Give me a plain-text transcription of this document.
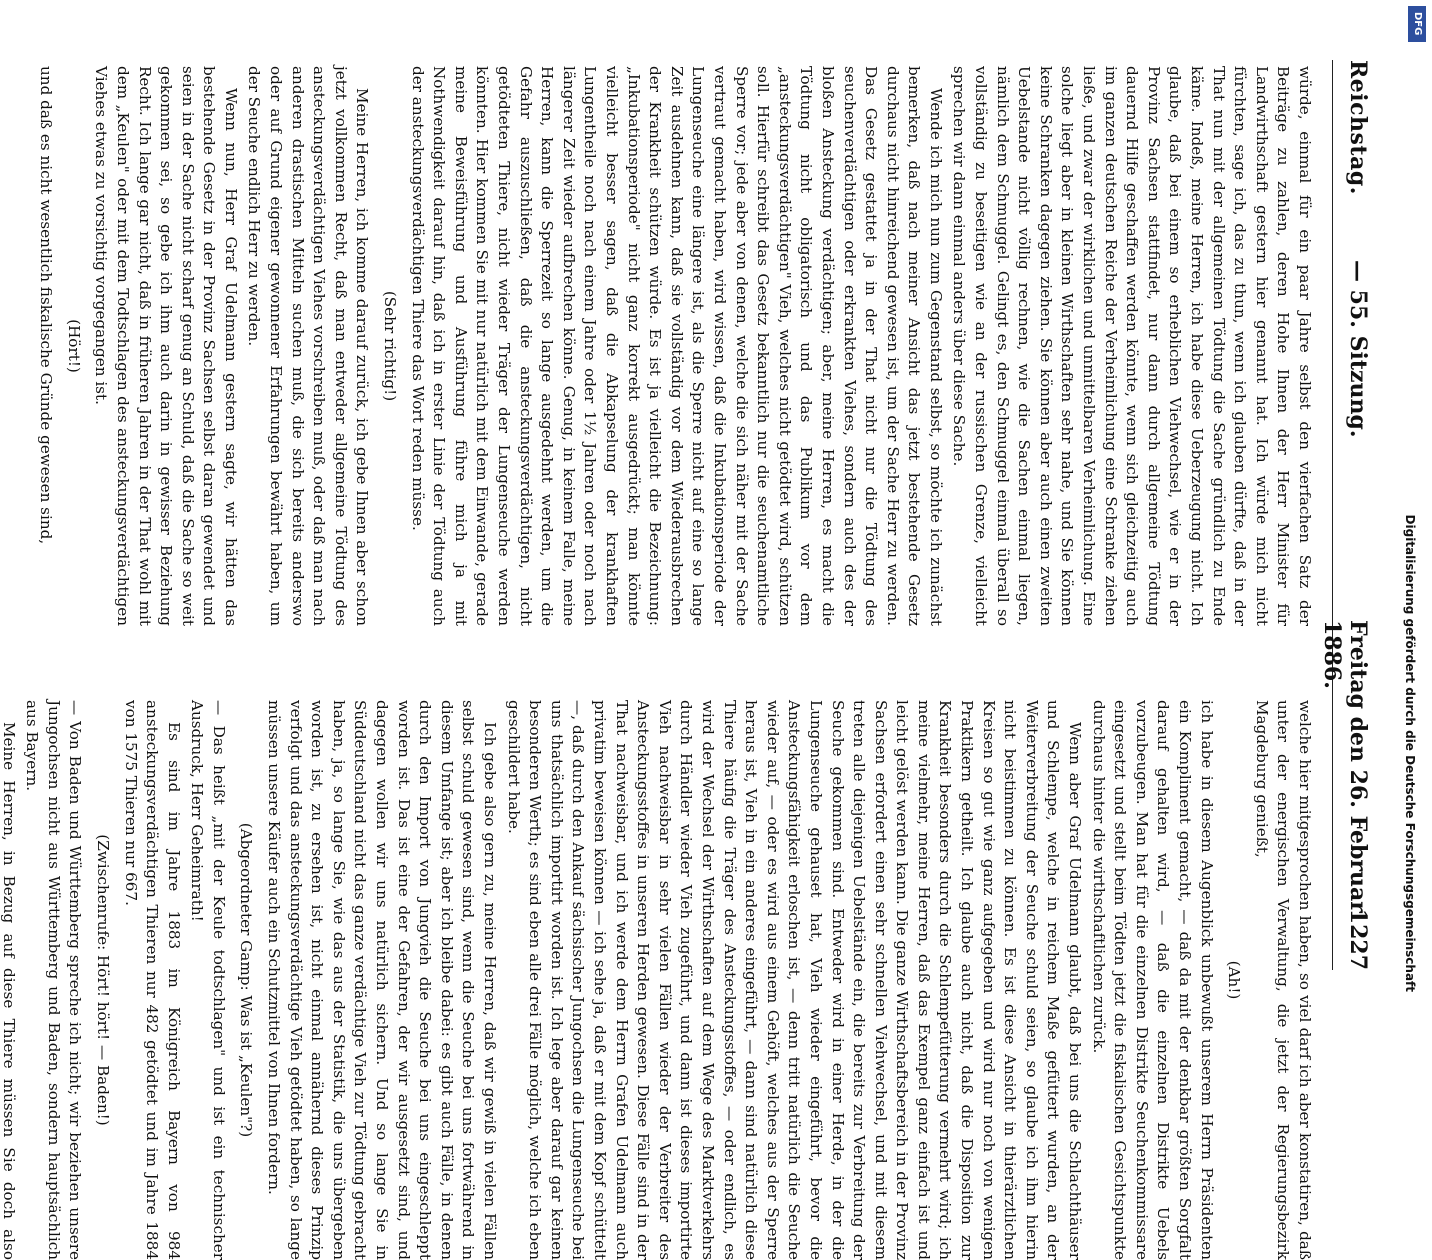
Reichstag.
— 55. Sitzung.
Freitag den 26. Februar 1886.
1227

würde, einmal für ein paar Jahre selbst den vierfachen Satz der Beiträge zu zahlen, deren Hohe Ihnen der Herr Minister für Landwirthschaft gestern hier genannt hat. Ich würde mich nicht fürchten, sage ich, das zu thun, wenn ich glauben dürfte, daß in der That nun mit der allgemeinen Tödtung die Sache gründlich zu Ende käme. Indeß, meine Herren, ich habe diese Ueberzeugung nicht. Ich glaube, daß bei einem so erheblichen Viehwechsel, wie er in der Provinz Sachsen stattfindet, nur dann durch allgemeine Tödtung dauernd Hilfe geschaffen werden könnte, wenn sich gleichzeitig auch im ganzen deutschen Reiche der Verheimlichung eine Schranke ziehen ließe, und zwar der wirklichen und unmittelbaren Verheimlichung. Eine solche liegt aber in kleinen Wirthschaften sehr nahe, und Sie können keine Schranken dagegen ziehen. Sie können aber auch einen zweiten Uebelstande nicht völlig rechnen, wie die Sachen einmal liegen, nämlich dem Schmuggel. Gelingt es, den Schmuggel einmal überall so vollständig zu beseitigen wie an der russischen Grenze, vielleicht sprechen wir dann einmal anders über diese Sache.

Wende ich mich nun zum Gegenstand selbst, so möchte ich zunächst bemerken, daß nach meiner Ansicht das jetzt bestehende Gesetz durchaus nicht hinreichend gewesen ist, um der Sache Herr zu werden. Das Gesetz gestattet ja in der That nicht nur die Tödtung des seuchenverdächtigen oder erkrankten Viehes, sondern auch des der bloßen Ansteckung verdächtigen; aber, meine Herren, es macht die Tödtung nicht obligatorisch und das Publikum vor dem „ansteckungsverdächtigen" Vieh, welches nicht getödtet wird, schützen soll. Hierfür schreibt das Gesetz bekanntlich nur die seuchenamtliche Sperre vor; jede aber von denen, welche die sich näher mit der Sache vertraut gemacht haben, wird wissen, daß die Inkubationsperiode der Lungenseuche eine längere ist, als die Sperre nicht auf eine so lange Zeit ausdehnen kann, daß sie vollständig vor dem Wiederausbrechen der Krankheit schützen würde. Es ist ja vielleicht die Bezeichnung: „Inkubationsperiode" nicht ganz korrekt ausgedrückt; man könnte vielleicht besser sagen, daß die Abkapselung der krankhaften Lungentheile noch nach einem Jahre oder 1½ Jahren oder noch nach längerer Zeit wieder aufbrechen könne. Genug, in keinem Falle, meine Herren, kann die Sperrezeit so lange ausgedehnt werden, um die Gefahr auszuschließen, daß die ansteckungsverdächtigen, nicht getödteten Thiere, nicht wieder Träger der Lungenseuche werden könnten. Hier kommen Sie mit nur natürlich mit dem Einwande, gerade meine Beweisführung und Ausführung führe mich ja mit Nothwendigkeit darauf hin, daß ich in erster Linie der Tödtung auch der ansteckungsverdächtigen Thiere das Wort reden müsse.

(Sehr richtig!)

Meine Herren, ich komme darauf zurück, ich gebe Ihnen aber schon jetzt vollkommen Recht, daß man entweder allgemeine Tödtung des ansteckungsverdächtigen Viehes vorschreiben muß, oder daß man nach anderen drastischen Mitteln suchen muß, die sich bereits anderswo oder auf Grund eigener gewonnener Erfahrungen bewährt haben, um der Seuche endlich Herr zu werden.

Wenn nun, Herr Graf Udelmann gestern sagte, wir hätten das bestehende Gesetz in der Provinz Sachsen selbst daran gewendet und seien in der Sache nicht scharf genug an Schuld, daß die Sache so weit gekommen sei, so gebe ich ihm auch darin in gewisser Beziehung Recht. Ich lange gar nicht, daß in früheren Jahren in der That wohl mit dem „Keulen" oder mit dem Todtschlagen des ansteckungsverdächtigen Viehes etwas zu vorsichtig vorgegangen ist.

(Hört!)

und daß es nicht wesentlich fiskalische Gründe gewesen sind,

welche hier mitgesprochen haben, so viel darf ich aber konstatiren, daß unter der energischen Verwaltung, die jetzt der Regierungsbezirk Magdeburg genießt,

(Ah!)

ich habe in diesem Augenblick unbewußt unserem Herrn Präsidenten ein Kompliment gemacht, — daß da mit der denkbar größten Sorgfalt darauf gehalten wird, — daß die einzelnen Distrikte Uebels vorzubeugen. Man hat für die einzelnen Distrikte Seuchenkommissare eingesetzt und stellt beim Tödten jetzt die fiskalischen Gesichtspunkte durchaus hinter die wirthschaftlichen zurück.

Wenn aber Graf Udelmann glaubt, daß bei uns die Schlachthäuser und Schlempe, welche in reichem Maße gefüttert wurden, an der Weiterverbreitung der Seuche schuld seien, so glaube ich ihm hierin nicht beistimmen zu können. Es ist diese Ansicht in thierärztlichen Kreisen so gut wie ganz aufgegeben und wird nur noch von wenigen Praktikern getheilt. Ich glaube auch nicht, daß die Disposition zur Krankheit besonders durch die Schlempefütterung vermehrt wird; ich meine vielmehr, meine Herren, daß das Exempel ganz einfach ist und leicht gelöst werden kann. Die ganze Wirthschaftsbereich in der Provinz Sachsen erfordert einen sehr schnellen Viehwechsel, und mit diesem treten alle diejenigen Uebelstände ein, die bereits zur Verbreitung der Seuche gekommen sind. Entweder wird in einer Herde, in der die Lungenseuche gehauset hat, Vieh wieder eingeführt, bevor die Ansteckungsfähigkeit erloschen ist, — denn tritt natürlich die Seuche wieder auf, — oder es wird aus einem Gehöft, welches aus der Sperre heraus ist, Vieh in ein anderes eingeführt, — dann sind natürlich diese Thiere häufig die Träger des Ansteckungsstoffes, — oder endlich, es wird der Wechsel der Wirthschaften auf dem Wege des Marktverkehrs durch Händler wieder Vieh zugeführt, und dann ist dieses importirte Vieh nachweisbar in sehr vielen Fällen wieder der Verbreiter des Ansteckungsstoffes in unseren Herden gewesen. Diese Fälle sind in der That nachweisbar, und ich werde dem Herrn Grafen Udelmann auch privatim beweisen können — ich sehe ja, daß er mit dem Kopf schüttelt —, daß durch den Ankauf sächsischer Jungochsen die Lungenseuche bei uns thatsächlich importirt worden ist. Ich lege aber darauf gar keinen besonderen Werth; es sind eben alle drei Fälle möglich, welche ich eben geschildert habe.

Ich gebe also gern zu, meine Herren, daß wir gewiß in vielen Fällen selbst schuld gewesen sind, wenn die Seuche bei uns fortwährend in diesem Umfange ist; aber ich bleibe dabei: es gibt auch Fälle, in denen durch den Import von Jungvieh die Seuche bei uns eingeschleppt worden ist. Das ist eine der Gefahren, der wir ausgesetzt sind, und dagegen wollen wir uns natürlich sichern. Und so lange Sie in Süddeutschland nicht das ganze verdächtige Vieh zur Tödtung gebracht haben, ja, so lange Sie, wie das aus der Statistik, die uns übergeben worden ist, zu ersehen ist, nicht einmal annähernd dieses Prinzip verfolgt und das ansteckungsverdächtige Vieh getödtet haben, so lange müssen unsere Käufer auch ein Schutzmittel von Ihnen fordern.

(Abgeordneter Gamp: Was ist „Keulen"?)

— Das heißt „mit der Keule todtschlagen" und ist ein technischer Ausdruck, Herr Geheimrath!

Es sind im Jahre 1883 im Königreich Bayern von 984 ansteckungsverdächtigen Thieren nur 482 getödtet und im Jahre 1884 von 1575 Thieren nur 667.

(Zwischenrufe: Hört! hört! — Baden!)

— Von Baden und Württemberg spreche ich nicht; wir beziehen unsere Jungochsen nicht aus Württemberg und Baden, sondern hauptsächlich aus Bayern.

Meine Herren, in Bezug auf diese Thiere müssen Sie doch also

Digitalisierung gefördert durch die Deutsche Forschungsgemeinschaft
DFG
